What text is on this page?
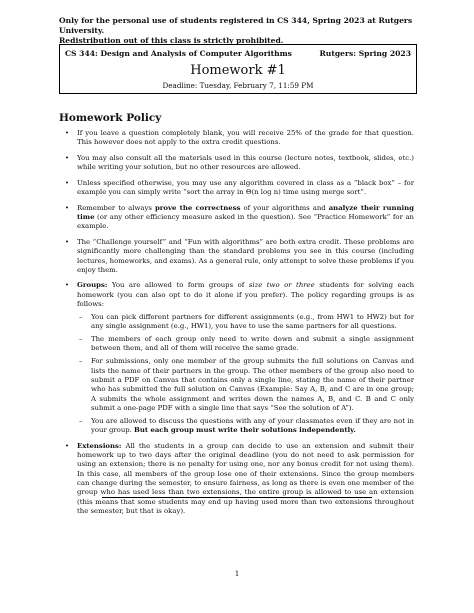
Only for the personal use of students registered in CS 344, Spring 2023 at Rutgers University.
Redistribution out of this class is strictly prohibited.
CS 344: Design and Analysis of Computer Algorithms	Rutgers: Spring 2023
Homework #1
Deadline: Tuesday, February 7, 11:59 PM
Homework Policy
• If you leave a question completely blank, you will receive 25% of the grade for that question. This however does not apply to the extra credit questions.
• You may also consult all the materials used in this course (lecture notes, textbook, slides, etc.) while writing your solution, but no other resources are allowed.
• Unless specified otherwise, you may use any algorithm covered in class as a “black box” – for example you can simply write “sort the array in Θ(n log n) time using merge sort”.
• Remember to always prove the correctness of your algorithms and analyze their running time (or any other efficiency measure asked in the question). See “Practice Homework” for an example.
• The “Challenge yourself” and “Fun with algorithms” are both extra credit. These problems are significantly more challenging than the standard problems you see in this course (including lectures, homeworks, and exams). As a general rule, only attempt to solve these problems if you enjoy them.
• Groups: You are allowed to form groups of size two or three students for solving each homework (you can also opt to do it alone if you prefer). The policy regarding groups is as follows:
– You can pick different partners for different assignments (e.g., from HW1 to HW2) but for any single assignment (e.g., HW1), you have to use the same partners for all questions.
– The members of each group only need to write down and submit a single assignment between them, and all of them will receive the same grade.
– For submissions, only one member of the group submits the full solutions on Canvas and lists the name of their partners in the group. The other members of the group also need to submit a PDF on Canvas that contains only a single line, stating the name of their partner who has submitted the full solution on Canvas (Example: Say A, B, and C are in one group; A submits the whole assignment and writes down the names A, B, and C. B and C only submit a one-page PDF with a single line that says “See the solution of A”).
– You are allowed to discuss the questions with any of your classmates even if they are not in your group. But each group must write their solutions independently.
• Extensions: All the students in a group can decide to use an extension and submit their homework up to two days after the original deadline (you do not need to ask permission for using an extension; there is no penalty for using one, nor any bonus credit for not using them). In this case, all members of the group lose one of their extensions. Since the group members can change during the semester, to ensure fairness, as long as there is even one member of the group who has used less than two extensions, the entire group is allowed to use an extension (this means that some students may end up having used more than two extensions throughout the semester, but that is okay).
1
